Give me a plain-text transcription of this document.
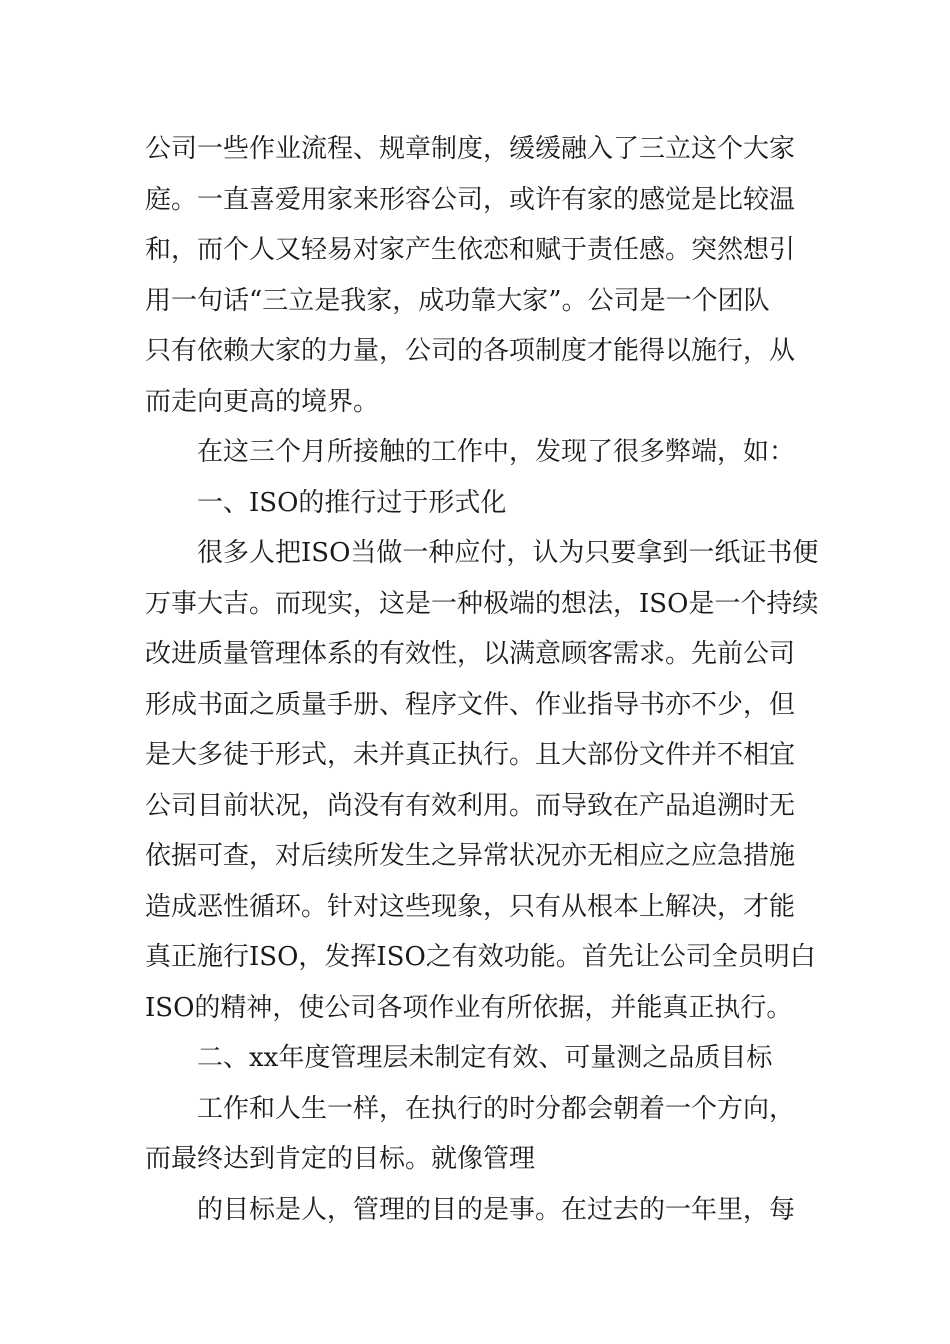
公司一些作业流程、规章制度，缓缓融入了三立这个大家
庭。一直喜爱用家来形容公司，或许有家的感觉是比较温
和，而个人又轻易对家产生依恋和赋于责任感。突然想引
用一句话“三立是我家，成功靠大家”。公司是一个团队
只有依赖大家的力量，公司的各项制度才能得以施行，从
而走向更高的境界。
在这三个月所接触的工作中，发现了很多弊端，如：
一、ISO的推行过于形式化
很多人把ISO当做一种应付，认为只要拿到一纸证书便
万事大吉。而现实，这是一种极端的想法，ISO是一个持续
改进质量管理体系的有效性，以满意顾客需求。先前公司
形成书面之质量手册、程序文件、作业指导书亦不少，但
是大多徒于形式，未并真正执行。且大部份文件并不相宜
公司目前状况，尚没有有效利用。而导致在产品追溯时无
依据可查，对后续所发生之异常状况亦无相应之应急措施
造成恶性循环。针对这些现象，只有从根本上解决，才能
真正施行ISO，发挥ISO之有效功能。首先让公司全员明白
ISO的精神，使公司各项作业有所依据，并能真正执行。
二、xx年度管理层未制定有效、可量测之品质目标
工作和人生一样，在执行的时分都会朝着一个方向，
而最终达到肯定的目标。就像管理
的目标是人，管理的目的是事。在过去的一年里，每
